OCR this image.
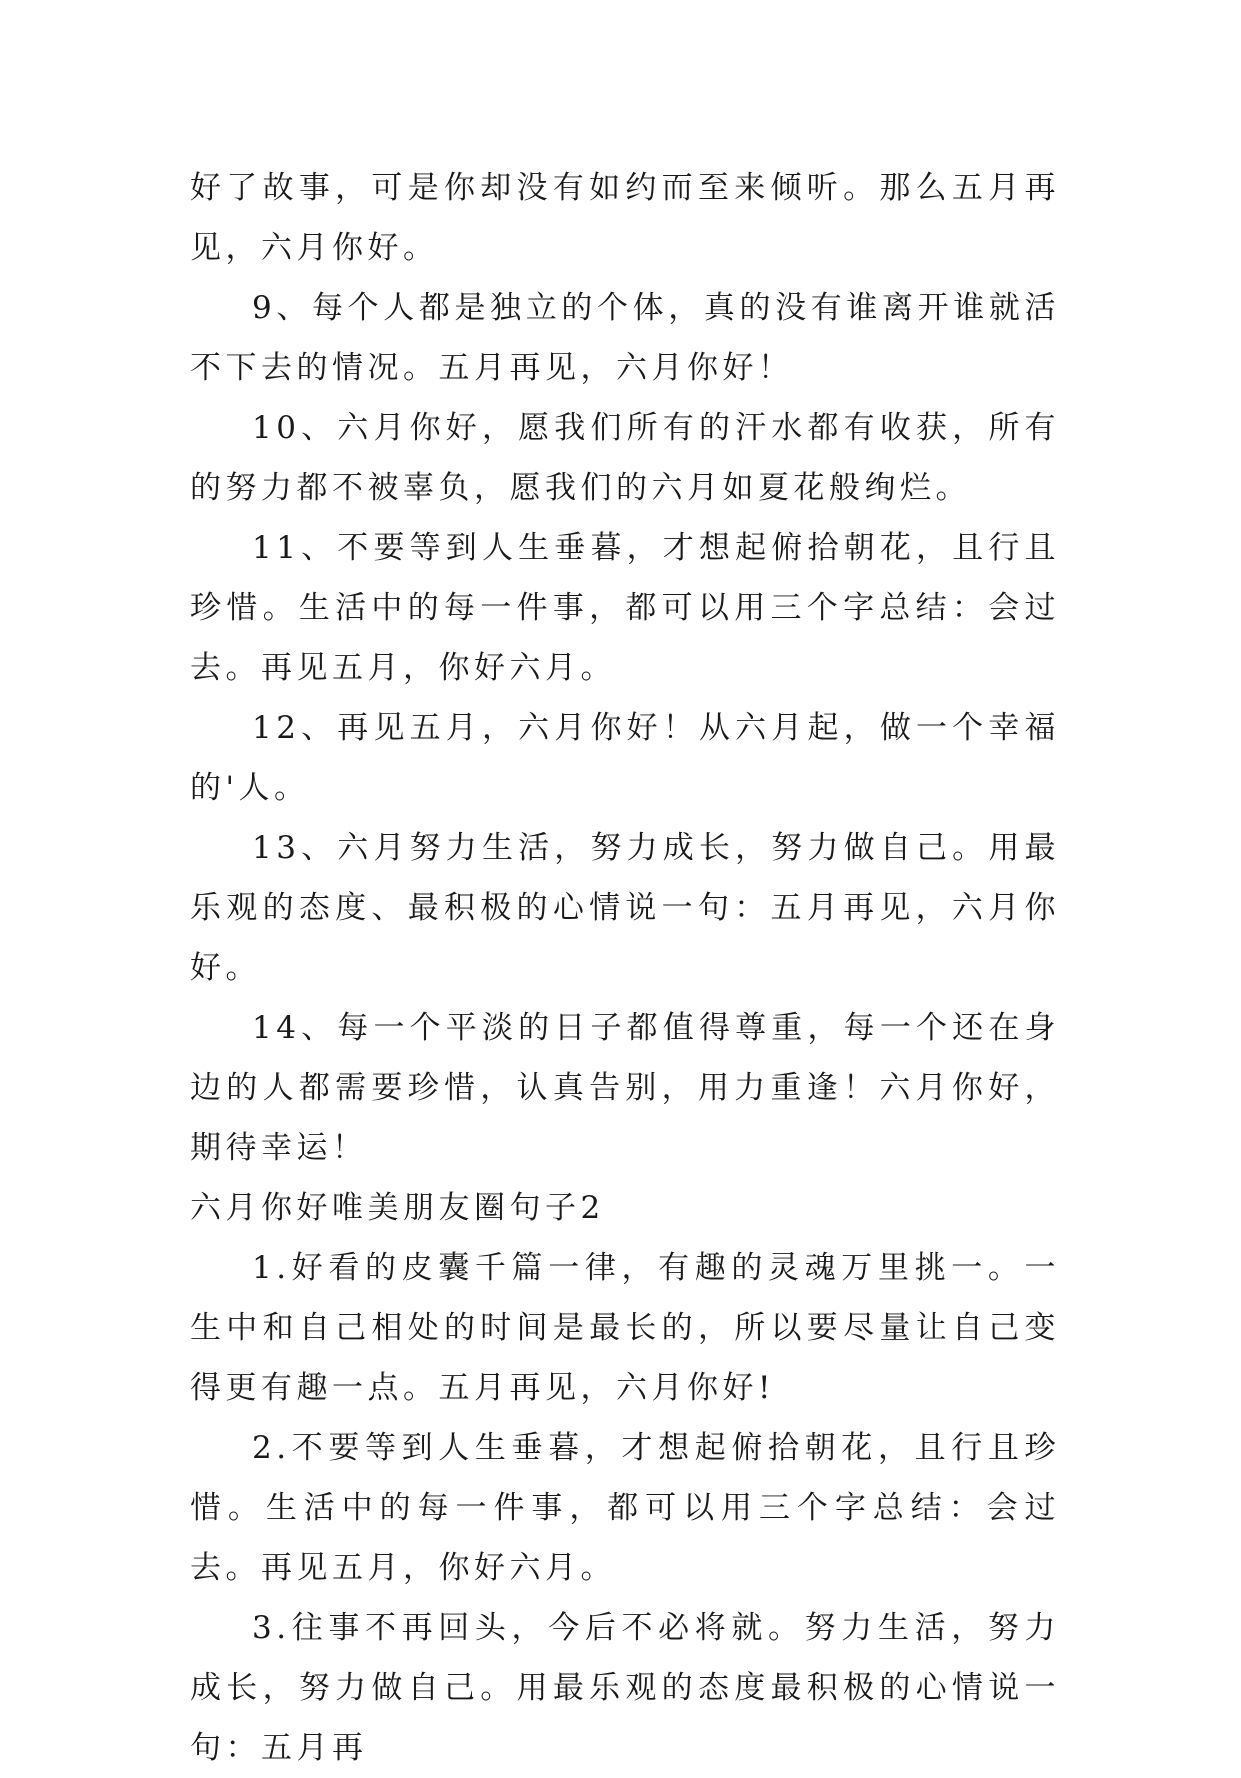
好了故事，可是你却没有如约而至来倾听。那么五月再见，六月你好。

9、每个人都是独立的个体，真的没有谁离开谁就活不下去的情况。五月再见，六月你好！

10、六月你好，愿我们所有的汗水都有收获，所有的努力都不被辜负，愿我们的六月如夏花般绚烂。

11、不要等到人生垂暮，才想起俯拾朝花，且行且珍惜。生活中的每一件事，都可以用三个字总结：会过去。再见五月，你好六月。

12、再见五月，六月你好！从六月起，做一个幸福的'人。

13、六月努力生活，努力成长，努力做自己。用最乐观的态度、最积极的心情说一句：五月再见，六月你好。

14、每一个平淡的日子都值得尊重，每一个还在身边的人都需要珍惜，认真告别，用力重逢！六月你好，期待幸运！

六月你好唯美朋友圈句子2

1.好看的皮囊千篇一律，有趣的灵魂万里挑一。一生中和自己相处的时间是最长的，所以要尽量让自己变得更有趣一点。五月再见，六月你好!

2.不要等到人生垂暮，才想起俯拾朝花，且行且珍惜。生活中的每一件事，都可以用三个字总结：会过去。再见五月，你好六月。

3.往事不再回头，今后不必将就。努力生活，努力成长，努力做自己。用最乐观的态度最积极的心情说一句：五月再
